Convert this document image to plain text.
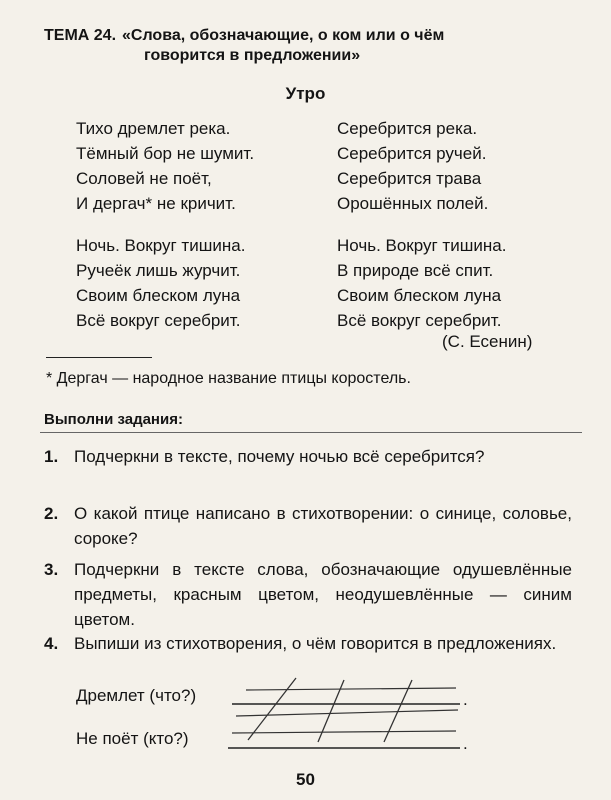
ТЕМА 24. «Слова, обозначающие, о ком или о чём
говорится в предложении»
Утро
Тихо дремлет река.
Тёмный бор не шумит.
Соловей не поёт,
И дергач* не кричит.
Ночь. Вокруг тишина.
Ручеёк лишь журчит.
Своим блеском луна
Всё вокруг серебрит.
Серебрится река.
Серебрится ручей.
Серебрится трава
Орошённых полей.
Ночь. Вокруг тишина.
В природе всё спит.
Своим блеском луна
Всё вокруг серебрит.
(С. Есенин)
* Дергач — народное название птицы коростель.
Выполни задания:
1. Подчеркни в тексте, почему ночью всё серебрится?
2. О какой птице написано в стихотворении: о синице, соловье, сороке?
3. Подчеркни в тексте слова, обозначающие одушевлённые предметы, красным цветом, неодушевлённые — синим цветом.
4. Выпиши из стихотворения, о чём говорится в предложениях.
Дремлет (что?)
Не поёт (кто?)
.
.
50
